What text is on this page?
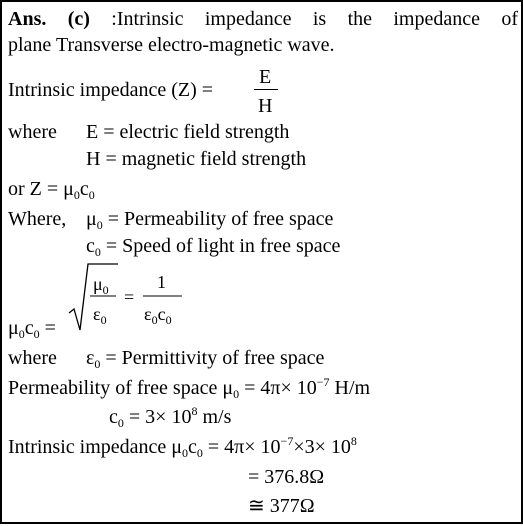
Ans. (c) :Intrinsic impedance is the impedance of
plane Transverse electro-magnetic wave.
Intrinsic impedance (Z) =
E
H
where E = electric field strength
H = magnetic field strength
or $Z = \mu_0c_0$
Where, $\mu_0$ = Permeability of free space
$c_0$ = Speed of light in free space
$\mu_0c_0$ =
$\mu_0$
$\varepsilon_0$
=
1
$\varepsilon_0c_0$
where $\varepsilon_0$ = Permittivity of free space
Permeability of free space $\mu_0 = 4\pi\times 10^{-7}$ H/m
$c_0 = 3\times 10^8$ m/s
Intrinsic impedance $\mu_0c_0 = 4\pi\times 10^{-7}\times 3\times 10^8$
= 376.8Ω
≅ 377Ω
